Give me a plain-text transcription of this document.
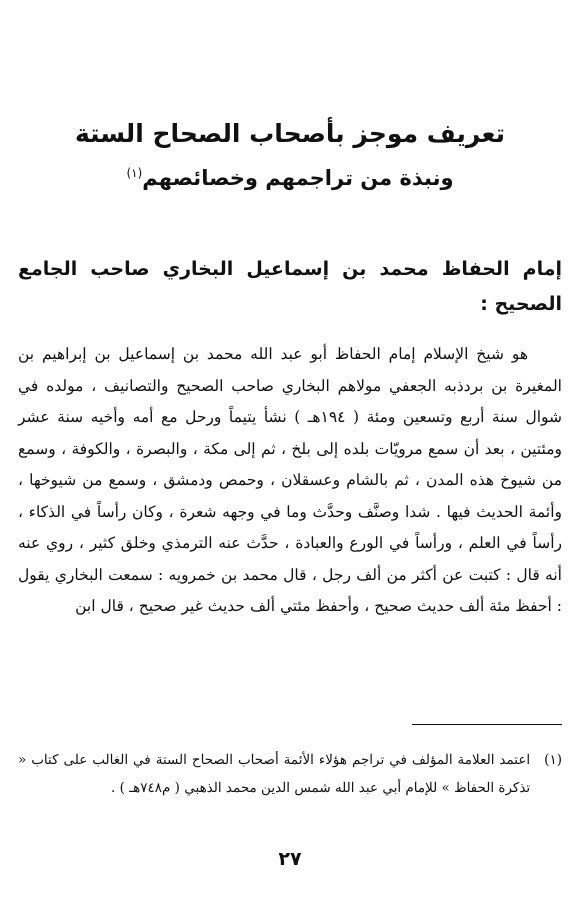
تعريف موجز بأصحاب الصحاح الستة

ونبذة من تراجمهم وخصائصهم$^{(١)}$

إمام الحفاظ محمد بن إسماعيل البخاري صاحب الجامع الصحيح :

هو شيخ الإسلام إمام الحفاظ أبو عبد الله محمد بن إسماعيل بن إبراهيم بن المغيرة بن بردذبه الجعفي مولاهم البخاري صاحب الصحيح والتصانيف ، مولده في شوال سنة أربع وتسعين ومئة ( ١٩٤هـ ) نشأ يتيماً ورحل مع أمه وأخيه سنة عشر ومئتين ، بعد أن سمع مرويّات بلده إلى بلخ ، ثم إلى مكة ، والبصرة ، والكوفة ، وسمع من شيوخ هذه المدن ، ثم بالشام وعسقلان ، وحمص ودمشق ، وسمع من شيوخها ، وأئمة الحديث فيها . شدا وصنَّف وحدَّث وما في وجهه شعرة ، وكان رأساً في الذكاء ، رأساً في العلم ، ورأساً في الورع والعبادة ، حدَّث عنه الترمذي وخلق كثير ، روي عنه أنه قال : كتبت عن أكثر من ألف رجل ، قال محمد بن خمرويه : سمعت البخاري يقول : أحفظ مئة ألف حديث صحيح ، وأحفظ مئتي ألف حديث غير صحيح ، قال ابن

(١)
اعتمد العلامة المؤلف في تراجم هؤلاء الأئمة أصحاب الصحاح الستة في الغالب على كتاب « تذكرة الحفاظ » للإمام أبي عبد الله شمس الدين محمد الذهبي ( م٧٤٨هـ ) .

٢٧
